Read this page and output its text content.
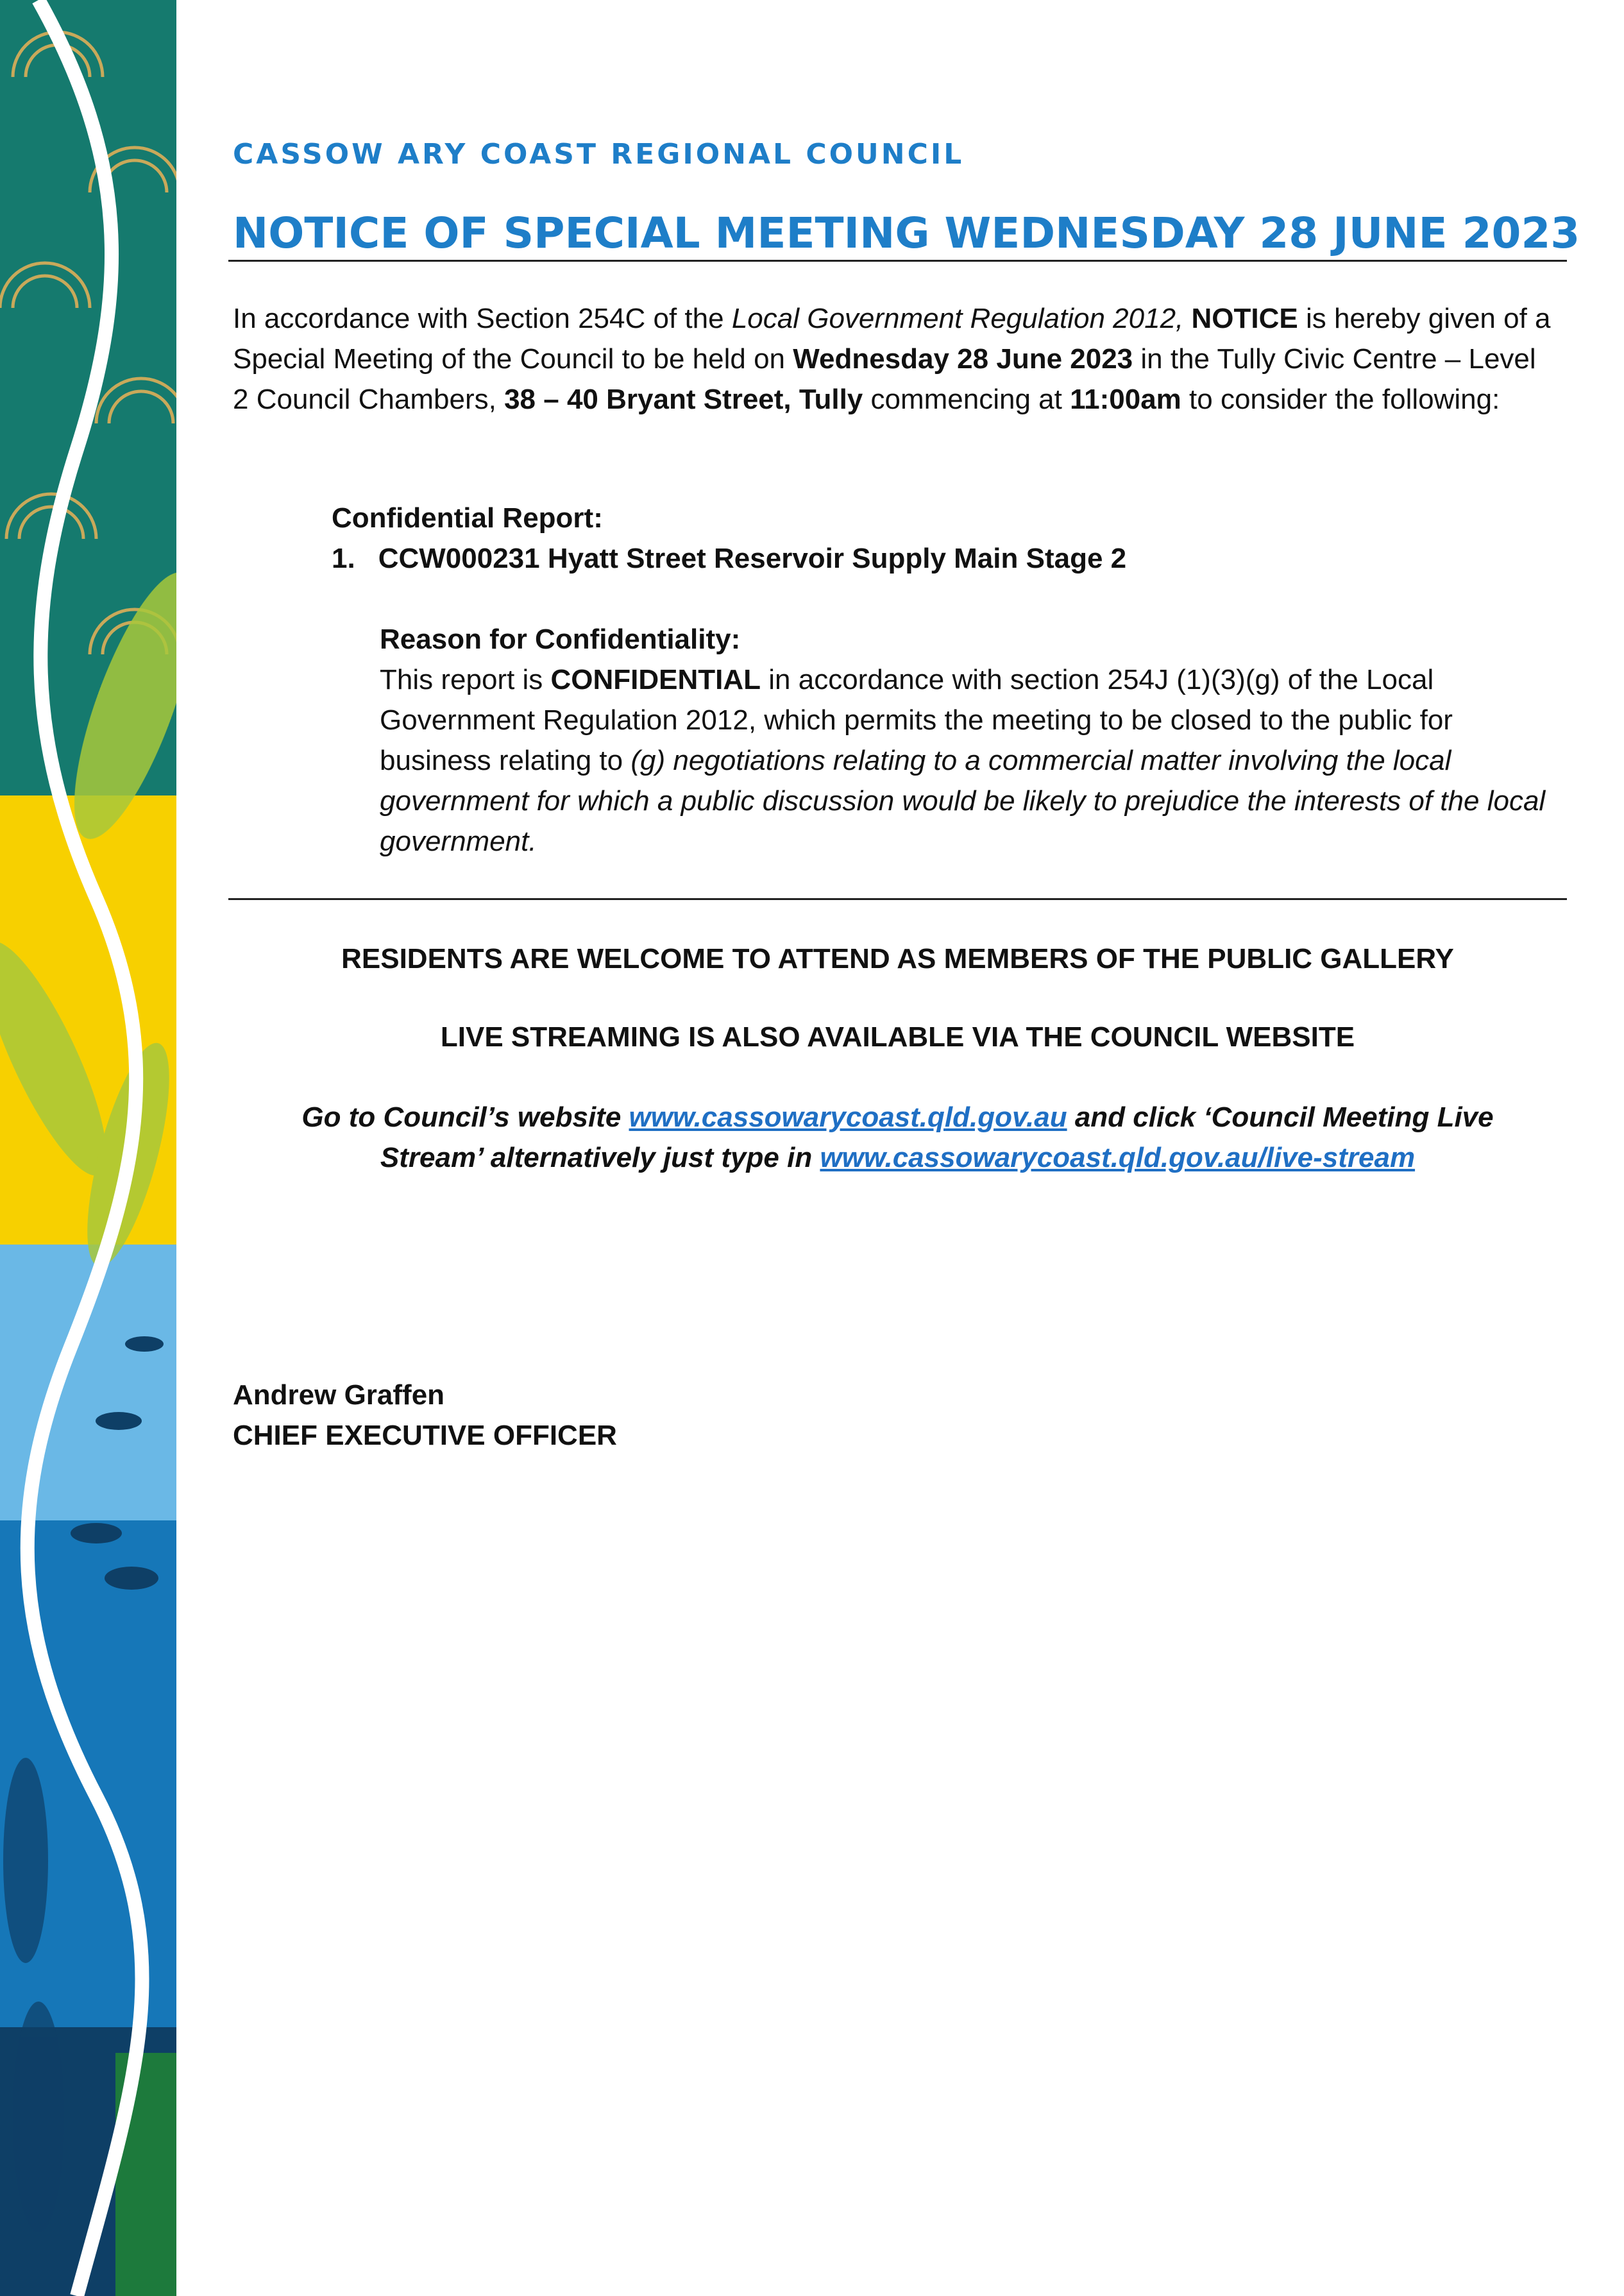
CASSOW ARY COAST REGIONAL COUNCIL
NOTICE OF SPECIAL MEETING WEDNESDAY 28 JUNE 2023
In accordance with Section 254C of the Local Government Regulation 2012, NOTICE is hereby given of a Special Meeting of the Council to be held on Wednesday 28 June 2023 in the Tully Civic Centre – Level 2 Council Chambers, 38 – 40 Bryant Street, Tully commencing at 11:00am to consider the following:
Confidential Report:
1. CCW000231 Hyatt Street Reservoir Supply Main Stage 2
Reason for Confidentiality:
This report is CONFIDENTIAL in accordance with section 254J (1)(3)(g) of the Local Government Regulation 2012, which permits the meeting to be closed to the public for business relating to (g) negotiations relating to a commercial matter involving the local government for which a public discussion would be likely to prejudice the interests of the local government.
RESIDENTS ARE WELCOME TO ATTEND AS MEMBERS OF THE PUBLIC GALLERY
LIVE STREAMING IS ALSO AVAILABLE VIA THE COUNCIL WEBSITE
Go to Council’s website www.cassowarycoast.qld.gov.au and click ‘Council Meeting Live Stream’ alternatively just type in www.cassowarycoast.qld.gov.au/live-stream
Andrew Graffen
CHIEF EXECUTIVE OFFICER
